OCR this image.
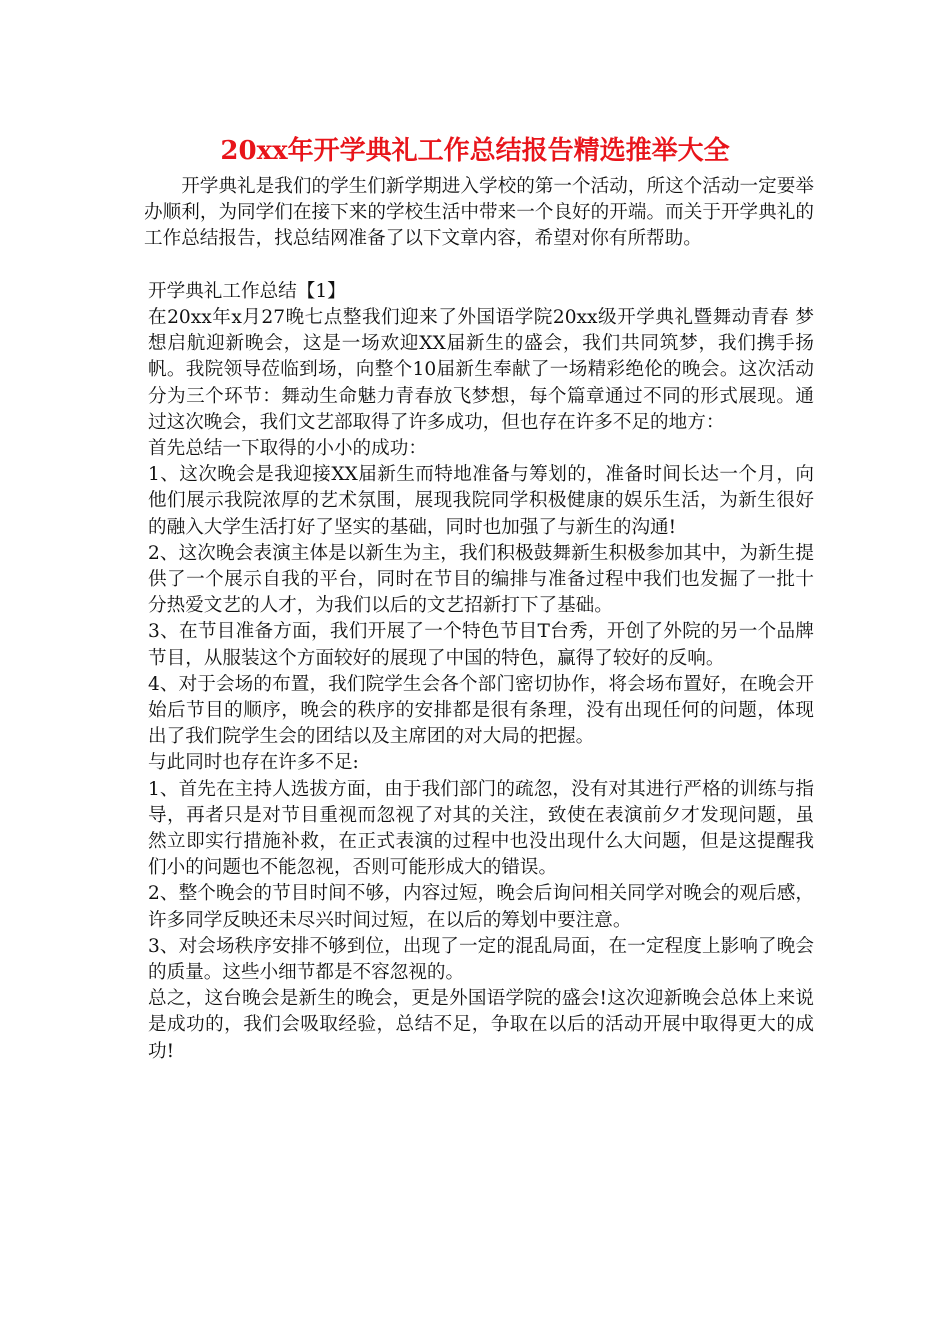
20xx年开学典礼工作总结报告精选推举大全

开学典礼是我们的学生们新学期进入学校的第一个活动，所这个活动一定要举办顺利，为同学们在接下来的学校生活中带来一个良好的开端。而关于开学典礼的工作总结报告，找总结网准备了以下文章内容，希望对你有所帮助。

开学典礼工作总结【1】

在20xx年x月27晚七点整我们迎来了外国语学院20xx级开学典礼暨舞动青春 梦想启航迎新晚会，这是一场欢迎XX届新生的盛会，我们共同筑梦，我们携手扬帆。我院领导莅临到场，向整个10届新生奉献了一场精彩绝伦的晚会。这次活动分为三个环节：舞动生命魅力青春放飞梦想，每个篇章通过不同的形式展现。通过这次晚会，我们文艺部取得了许多成功，但也存在许多不足的地方：

首先总结一下取得的小小的成功：

1、这次晚会是我迎接XX届新生而特地准备与筹划的，准备时间长达一个月，向他们展示我院浓厚的艺术氛围，展现我院同学积极健康的娱乐生活，为新生很好的融入大学生活打好了坚实的基础，同时也加强了与新生的沟通!

2、这次晚会表演主体是以新生为主，我们积极鼓舞新生积极参加其中，为新生提供了一个展示自我的平台，同时在节目的编排与准备过程中我们也发掘了一批十分热爱文艺的人才，为我们以后的文艺招新打下了基础。

3、在节目准备方面，我们开展了一个特色节目T台秀，开创了外院的另一个品牌节目，从服装这个方面较好的展现了中国的特色，赢得了较好的反响。

4、对于会场的布置，我们院学生会各个部门密切协作，将会场布置好，在晚会开始后节目的顺序，晚会的秩序的安排都是很有条理，没有出现任何的问题，体现出了我们院学生会的团结以及主席团的对大局的把握。

与此同时也存在许多不足:

1、首先在主持人选拔方面，由于我们部门的疏忽，没有对其进行严格的训练与指导，再者只是对节目重视而忽视了对其的关注，致使在表演前夕才发现问题，虽然立即实行措施补救，在正式表演的过程中也没出现什么大问题，但是这提醒我们小的问题也不能忽视，否则可能形成大的错误。

2、整个晚会的节目时间不够，内容过短，晚会后询问相关同学对晚会的观后感，许多同学反映还未尽兴时间过短，在以后的筹划中要注意。

3、对会场秩序安排不够到位，出现了一定的混乱局面，在一定程度上影响了晚会的质量。这些小细节都是不容忽视的。

总之，这台晚会是新生的晚会，更是外国语学院的盛会!这次迎新晚会总体上来说是成功的，我们会吸取经验，总结不足，争取在以后的活动开展中取得更大的成功!
